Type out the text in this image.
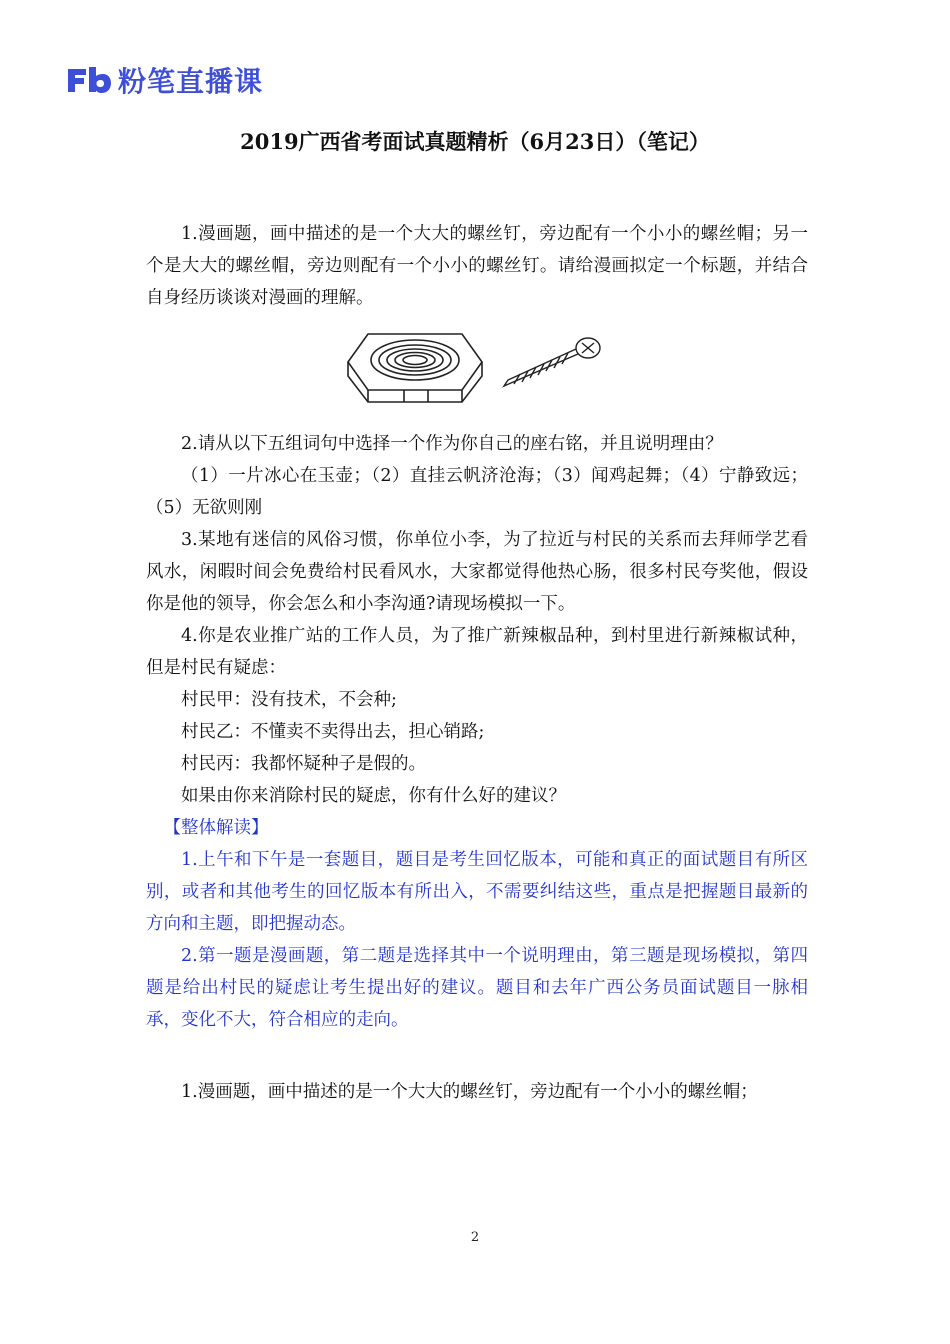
粉笔直播课
2019广西省考面试真题精析（6月23日）（笔记）

1.漫画题，画中描述的是一个大大的螺丝钉，旁边配有一个小小的螺丝帽；另一个是大大的螺丝帽，旁边则配有一个小小的螺丝钉。请给漫画拟定一个标题，并结合自身经历谈谈对漫画的理解。

2.请从以下五组词句中选择一个作为你自己的座右铭，并且说明理由？

（1）一片冰心在玉壶；（2）直挂云帆济沧海；（3）闻鸡起舞；（4）宁静致远；（5）无欲则刚

3.某地有迷信的风俗习惯，你单位小李，为了拉近与村民的关系而去拜师学艺看风水，闲暇时间会免费给村民看风水，大家都觉得他热心肠，很多村民夸奖他，假设你是他的领导，你会怎么和小李沟通?请现场模拟一下。

4.你是农业推广站的工作人员，为了推广新辣椒品种，到村里进行新辣椒试种，但是村民有疑虑：

村民甲：没有技术，不会种;

村民乙：不懂卖不卖得出去，担心销路;

村民丙：我都怀疑种子是假的。

如果由你来消除村民的疑虑，你有什么好的建议？

【整体解读】

1.上午和下午是一套题目，题目是考生回忆版本，可能和真正的面试题目有所区别，或者和其他考生的回忆版本有所出入，不需要纠结这些，重点是把握题目最新的方向和主题，即把握动态。

2.第一题是漫画题，第二题是选择其中一个说明理由，第三题是现场模拟，第四题是给出村民的疑虑让考生提出好的建议。题目和去年广西公务员面试题目一脉相承，变化不大，符合相应的走向。

1.漫画题，画中描述的是一个大大的螺丝钉，旁边配有一个小小的螺丝帽；

2
